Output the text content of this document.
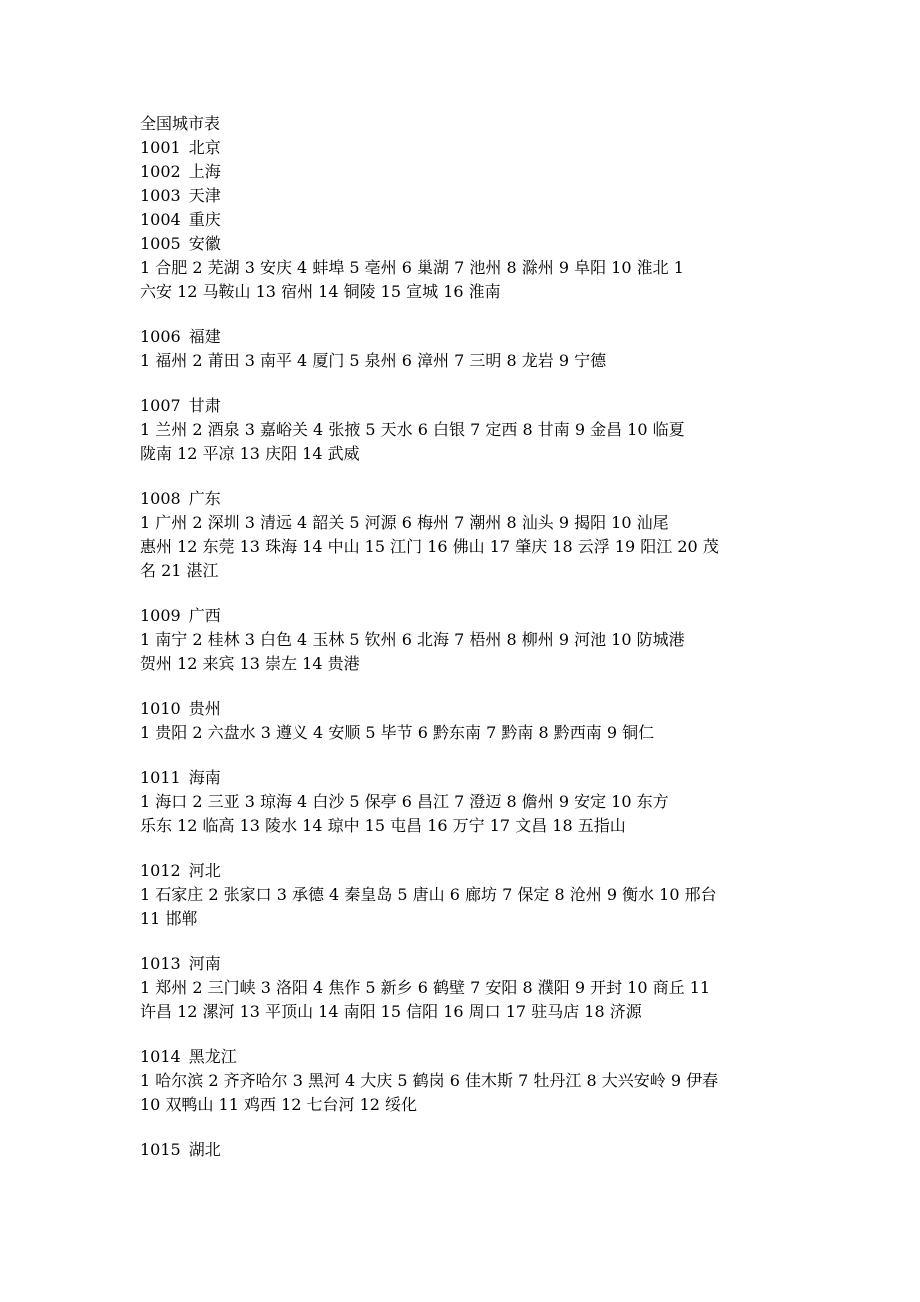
全国城市表
1001 北京
1002 上海
1003 天津
1004 重庆
1005 安徽
1 合肥 2 芜湖 3 安庆 4 蚌埠 5 亳州 6 巢湖 7 池州 8 滁州 9 阜阳 10 淮北 1
六安 12 马鞍山 13 宿州 14 铜陵 15 宣城 16 淮南
1006 福建
1 福州 2 莆田 3 南平 4 厦门 5 泉州 6 漳州 7 三明 8 龙岩 9 宁德
1007 甘肃
1 兰州 2 酒泉 3 嘉峪关 4 张掖 5 天水 6 白银 7 定西 8 甘南 9 金昌 10 临夏
陇南 12 平凉 13 庆阳 14 武威
1008 广东
1 广州 2 深圳 3 清远 4 韶关 5 河源 6 梅州 7 潮州 8 汕头 9 揭阳 10 汕尾
惠州 12 东莞 13 珠海 14 中山 15 江门 16 佛山 17 肇庆 18 云浮 19 阳江 20 茂
名 21 湛江
1009 广西
1 南宁 2 桂林 3 白色 4 玉林 5 钦州 6 北海 7 梧州 8 柳州 9 河池 10 防城港
贺州 12 来宾 13 崇左 14 贵港
1010 贵州
1 贵阳 2 六盘水 3 遵义 4 安顺 5 毕节 6 黔东南 7 黔南 8 黔西南 9 铜仁
1011 海南
1 海口 2 三亚 3 琼海 4 白沙 5 保亭 6 昌江 7 澄迈 8 儋州 9 安定 10 东方
乐东 12 临高 13 陵水 14 琼中 15 屯昌 16 万宁 17 文昌 18 五指山
1012 河北
1 石家庄 2 张家口 3 承德 4 秦皇岛 5 唐山 6 廊坊 7 保定 8 沧州 9 衡水 10 邢台
11 邯郸
1013 河南
1 郑州 2 三门峡 3 洛阳 4 焦作 5 新乡 6 鹤壁 7 安阳 8 濮阳 9 开封 10 商丘 11
许昌 12 漯河 13 平顶山 14 南阳 15 信阳 16 周口 17 驻马店 18 济源
1014 黑龙江
1 哈尔滨 2 齐齐哈尔 3 黑河 4 大庆 5 鹤岗 6 佳木斯 7 牡丹江 8 大兴安岭 9 伊春
10 双鸭山 11 鸡西 12 七台河 12 绥化
1015 湖北
